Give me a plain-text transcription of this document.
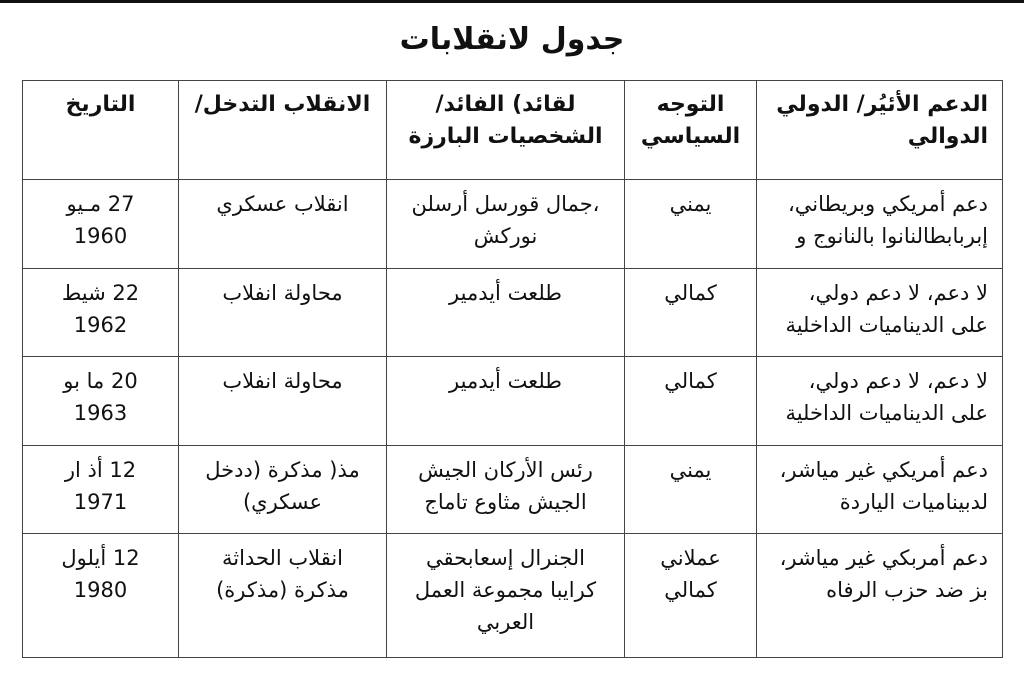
جدول لانقلابات
الدعم الأئيُر/ الدولي الدوالي	التوجه السياسي	لقائد) الفائد/ الشخصيات البارزة	الانقلاب التدخل/	التاريخ
دعم أمريكي وبريطاني، إبربابطالنانوا بالنانوج و	يمني	،جمال قورسل أرسلن نوركش	انقلاب عسكري	27 مـيو 1960
لا دعم، لا دعم دولي، على الديناميات الداخلية	كمالي	طلعت أيدمير	محاولة انفلاب	22 شيط 1962
لا دعم، لا دعم دولي، على الديناميات الداخلية	كمالي	طلعت أيدمير	محاولة انفلاب	20 ما بو 1963
دعم أمريكي غير مياشر، لدبيناميات الياردة	يمني	رئس الأركان الجيش الجيش مثاوع تاماج	مذ( مذكرة (ددخل عسكري)	12 أذ ار 1971
دعم أمربكي غير مياشر، بز ضد حزب الرفاه	عملاني كمالي	الجنرال إسعابحقي كرايبا مجموعة العمل العربي	انقلاب الحداثة مذكرة (مذكرة)	12 أيلول 1980
